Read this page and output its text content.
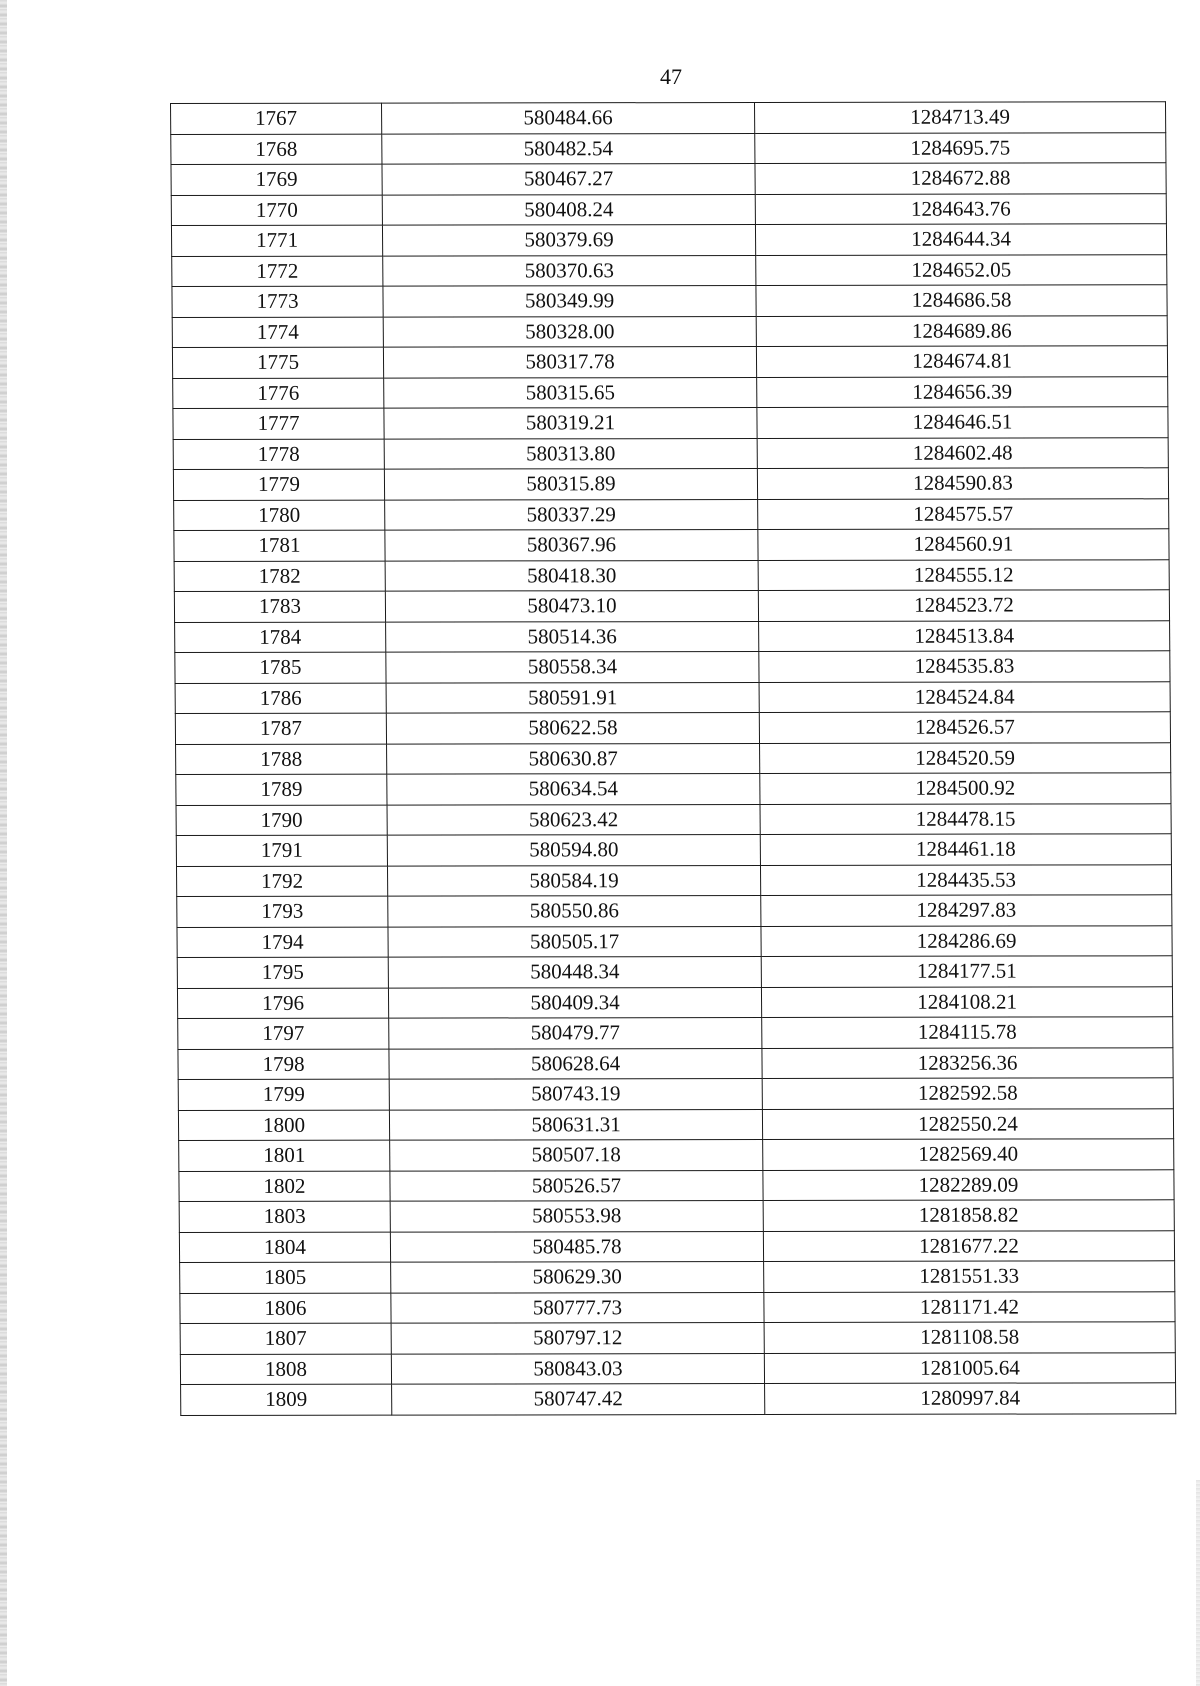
47
1767	580484.66	1284713.49
1768	580482.54	1284695.75
1769	580467.27	1284672.88
1770	580408.24	1284643.76
1771	580379.69	1284644.34
1772	580370.63	1284652.05
1773	580349.99	1284686.58
1774	580328.00	1284689.86
1775	580317.78	1284674.81
1776	580315.65	1284656.39
1777	580319.21	1284646.51
1778	580313.80	1284602.48
1779	580315.89	1284590.83
1780	580337.29	1284575.57
1781	580367.96	1284560.91
1782	580418.30	1284555.12
1783	580473.10	1284523.72
1784	580514.36	1284513.84
1785	580558.34	1284535.83
1786	580591.91	1284524.84
1787	580622.58	1284526.57
1788	580630.87	1284520.59
1789	580634.54	1284500.92
1790	580623.42	1284478.15
1791	580594.80	1284461.18
1792	580584.19	1284435.53
1793	580550.86	1284297.83
1794	580505.17	1284286.69
1795	580448.34	1284177.51
1796	580409.34	1284108.21
1797	580479.77	1284115.78
1798	580628.64	1283256.36
1799	580743.19	1282592.58
1800	580631.31	1282550.24
1801	580507.18	1282569.40
1802	580526.57	1282289.09
1803	580553.98	1281858.82
1804	580485.78	1281677.22
1805	580629.30	1281551.33
1806	580777.73	1281171.42
1807	580797.12	1281108.58
1808	580843.03	1281005.64
1809	580747.42	1280997.84
